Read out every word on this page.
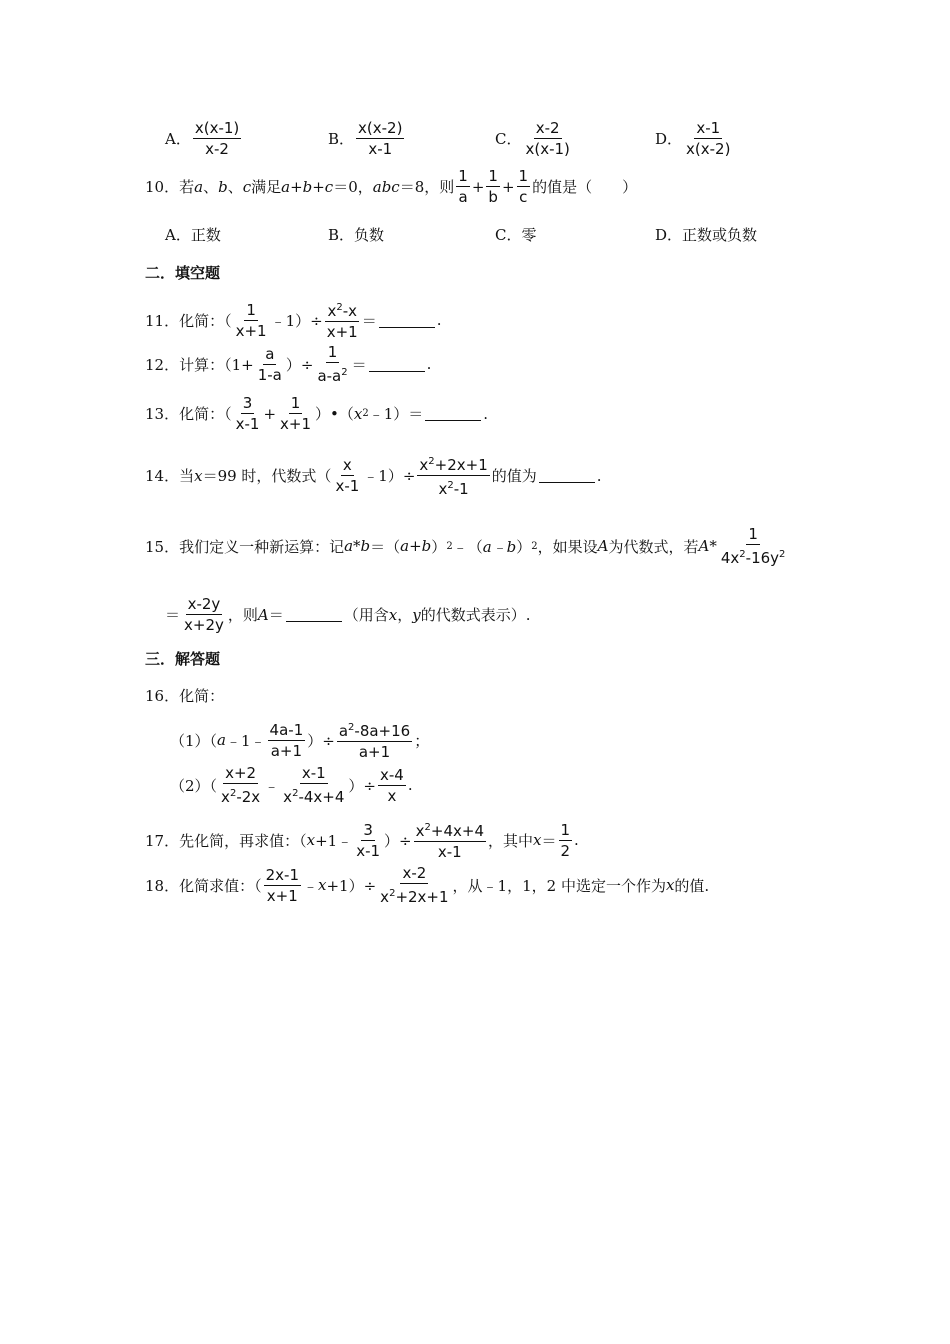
A． $\frac{x(x-1)}{x-2}$	B． $\frac{x(x-2)}{x-1}$	C． $\frac{x-2}{x(x-1)}$	D． $\frac{x-1}{x(x-2)}$
10． 若 a 、 b 、 c 满足 a+b+c ＝0， abc ＝8，则 $\frac{1}{a} + \frac{1}{b} + \frac{1}{c}$ 的值是（　　）
A．正数	B．负数	C．零	D．正数或负数
二．填空题
11． 化简：（ $\frac{1}{x+1}$ ﹣1）÷ $\frac{x^2-x}{x+1}$ ＝	.
12． 计算：（$1+ \frac{a}{1-a}$ ）÷ $\frac{1}{a-a^2}$ ＝	.
13． 化简：（ $\frac{3}{x-1} + \frac{1}{x+1}$ ）•（ x 2 ﹣1）＝	.
14． 当 x ＝99 时，代数式（ $\frac{x}{x-1}$ ﹣1）÷ $\frac{x^2+2x+1}{x^2-1}$ 的值为	.
15． 我们定义一种新运算：记 a*b ＝（ a+b ） 2 ﹣（ a﹣b ） 2 ，如果设 A 为代数式，若 $A* \frac{1}{4x^2-16y^2}$
＝ $\frac{x-2y}{x+2y}$ ，则 A ＝	（用含 x ， y 的代数式表示）.
三．解答题
16． 化简：
（1）（ a ﹣1﹣ $\frac{4a-1}{a+1}$ ）÷ $\frac{a^2-8a+16}{a+1}$ ；
$(2)( \frac{x+2}{x^2-2x}$ ﹣ $\frac{x-1}{x^2-4x+4}$ ）÷ $\frac{x-4}{x}$ .
17． 先化简，再求值：（ x +1﹣ $\frac{3}{x-1}$ ）÷ $\frac{x^2+4x+4}{x-1}$ ，其中 $x = \frac{1}{2}$ .
18． 化简求值：（ $\frac{2x-1}{x+1}$ ﹣ $x +1)\div \frac{x-2}{x^2+2x+1}$ ，从﹣1，1，2 中选定一个作为 x 的值.
